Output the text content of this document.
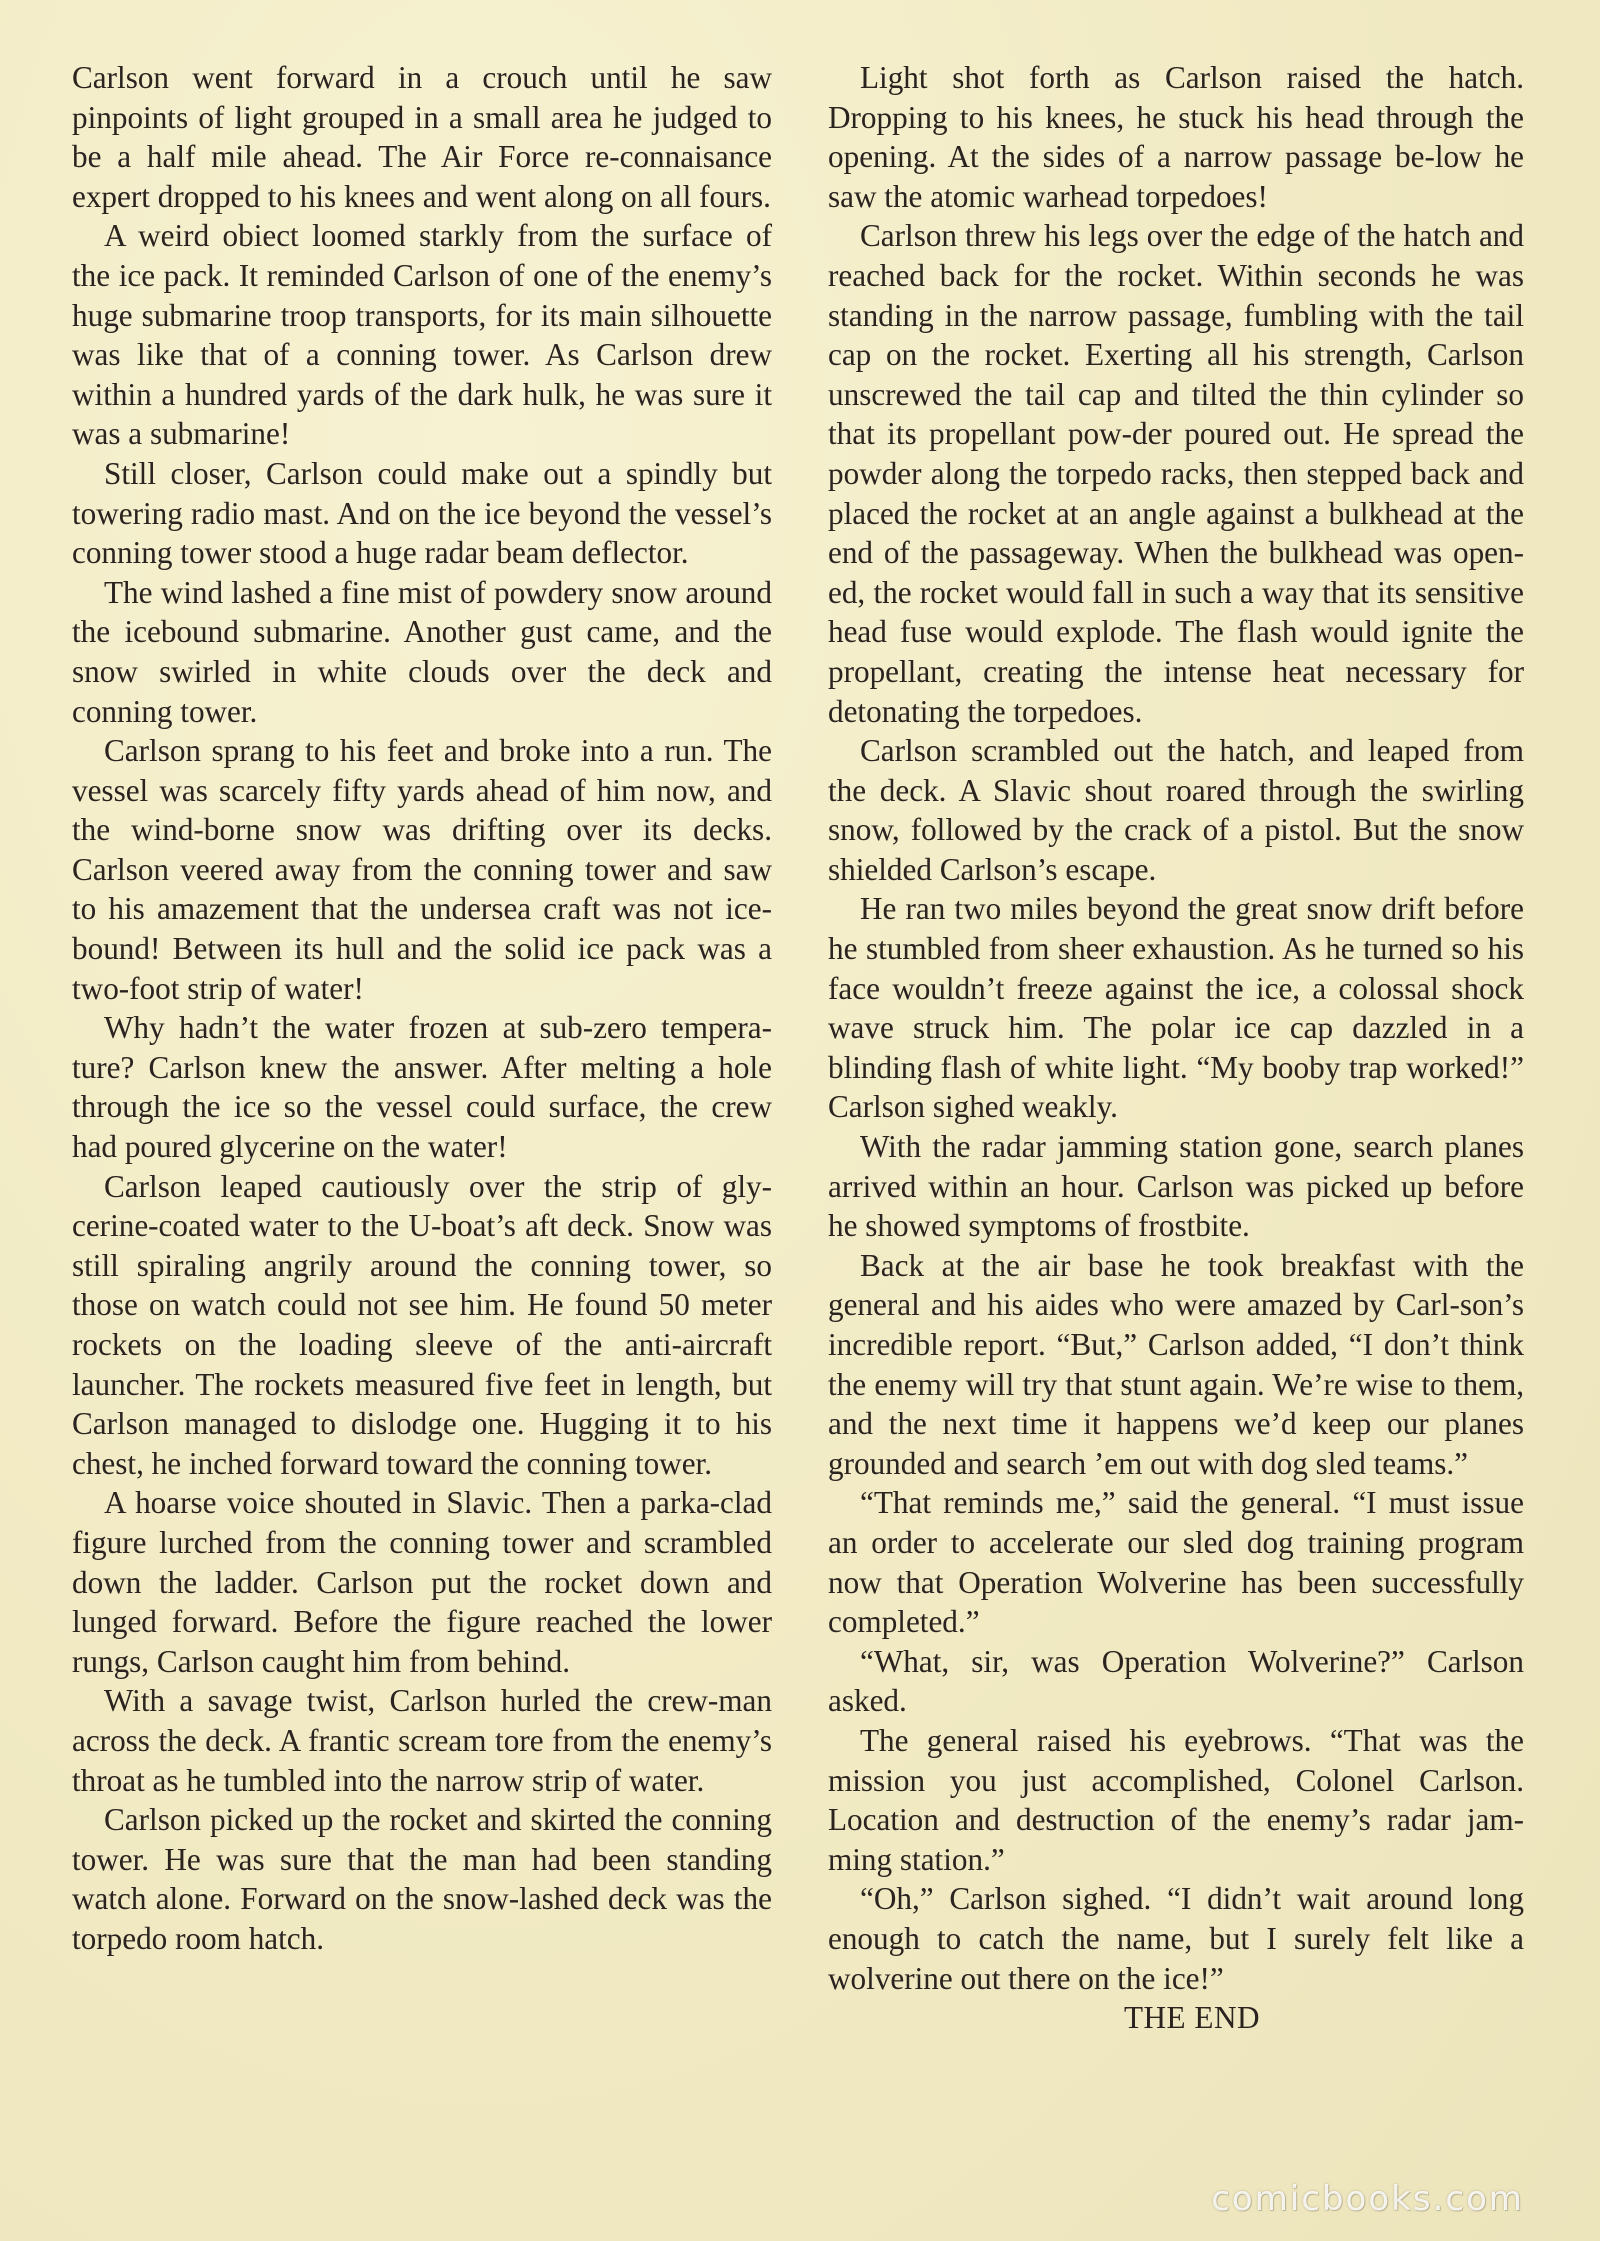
Carlson went forward in a crouch until he saw pinpoints of light grouped in a small area he judged to be a half mile ahead. The Air Force re-connaisance expert dropped to his knees and went along on all fours.

A weird obiect loomed starkly from the surface of the ice pack. It reminded Carlson of one of the enemy’s huge submarine troop transports, for its main silhouette was like that of a conning tower. As Carlson drew within a hundred yards of the dark hulk, he was sure it was a submarine!

Still closer, Carlson could make out a spindly but towering radio mast. And on the ice beyond the vessel’s conning tower stood a huge radar beam deflector.

The wind lashed a fine mist of powdery snow around the icebound submarine. Another gust came, and the snow swirled in white clouds over the deck and conning tower.

Carlson sprang to his feet and broke into a run. The vessel was scarcely fifty yards ahead of him now, and the wind-borne snow was drifting over its decks. Carlson veered away from the conning tower and saw to his amazement that the undersea craft was not ice-bound! Between its hull and the solid ice pack was a two-foot strip of water!

Why hadn’t the water frozen at sub-zero tempera-ture? Carlson knew the answer. After melting a hole through the ice so the vessel could surface, the crew had poured glycerine on the water!

Carlson leaped cautiously over the strip of gly-cerine-coated water to the U-boat’s aft deck. Snow was still spiraling angrily around the conning tower, so those on watch could not see him. He found 50 meter rockets on the loading sleeve of the anti-aircraft launcher. The rockets measured five feet in length, but Carlson managed to dislodge one. Hugging it to his chest, he inched forward toward the conning tower.

A hoarse voice shouted in Slavic. Then a parka-clad figure lurched from the conning tower and scrambled down the ladder. Carlson put the rocket down and lunged forward. Before the figure reached the lower rungs, Carlson caught him from behind.

With a savage twist, Carlson hurled the crew-man across the deck. A frantic scream tore from the enemy’s throat as he tumbled into the narrow strip of water.

Carlson picked up the rocket and skirted the conning tower. He was sure that the man had been standing watch alone. Forward on the snow-lashed deck was the torpedo room hatch.

Light shot forth as Carlson raised the hatch. Dropping to his knees, he stuck his head through the opening. At the sides of a narrow passage be-low he saw the atomic warhead torpedoes!

Carlson threw his legs over the edge of the hatch and reached back for the rocket. Within seconds he was standing in the narrow passage, fumbling with the tail cap on the rocket. Exerting all his strength, Carlson unscrewed the tail cap and tilted the thin cylinder so that its propellant pow-der poured out. He spread the powder along the torpedo racks, then stepped back and placed the rocket at an angle against a bulkhead at the end of the passageway. When the bulkhead was open-ed, the rocket would fall in such a way that its sensitive head fuse would explode. The flash would ignite the propellant, creating the intense heat necessary for detonating the torpedoes.

Carlson scrambled out the hatch, and leaped from the deck. A Slavic shout roared through the swirling snow, followed by the crack of a pistol. But the snow shielded Carlson’s escape.

He ran two miles beyond the great snow drift before he stumbled from sheer exhaustion. As he turned so his face wouldn’t freeze against the ice, a colossal shock wave struck him. The polar ice cap dazzled in a blinding flash of white light. “My booby trap worked!” Carlson sighed weakly.

With the radar jamming station gone, search planes arrived within an hour. Carlson was picked up before he showed symptoms of frostbite.

Back at the air base he took breakfast with the general and his aides who were amazed by Carl-son’s incredible report. “But,” Carlson added, “I don’t think the enemy will try that stunt again. We’re wise to them, and the next time it happens we’d keep our planes grounded and search ’em out with dog sled teams.”

“That reminds me,” said the general. “I must issue an order to accelerate our sled dog training program now that Operation Wolverine has been successfully completed.”

“What, sir, was Operation Wolverine?” Carlson asked.

The general raised his eyebrows. “That was the mission you just accomplished, Colonel Carlson. Location and destruction of the enemy’s radar jam-ming station.”

“Oh,” Carlson sighed. “I didn’t wait around long enough to catch the name, but I surely felt like a wolverine out there on the ice!”

THE END

comicbooks.com
